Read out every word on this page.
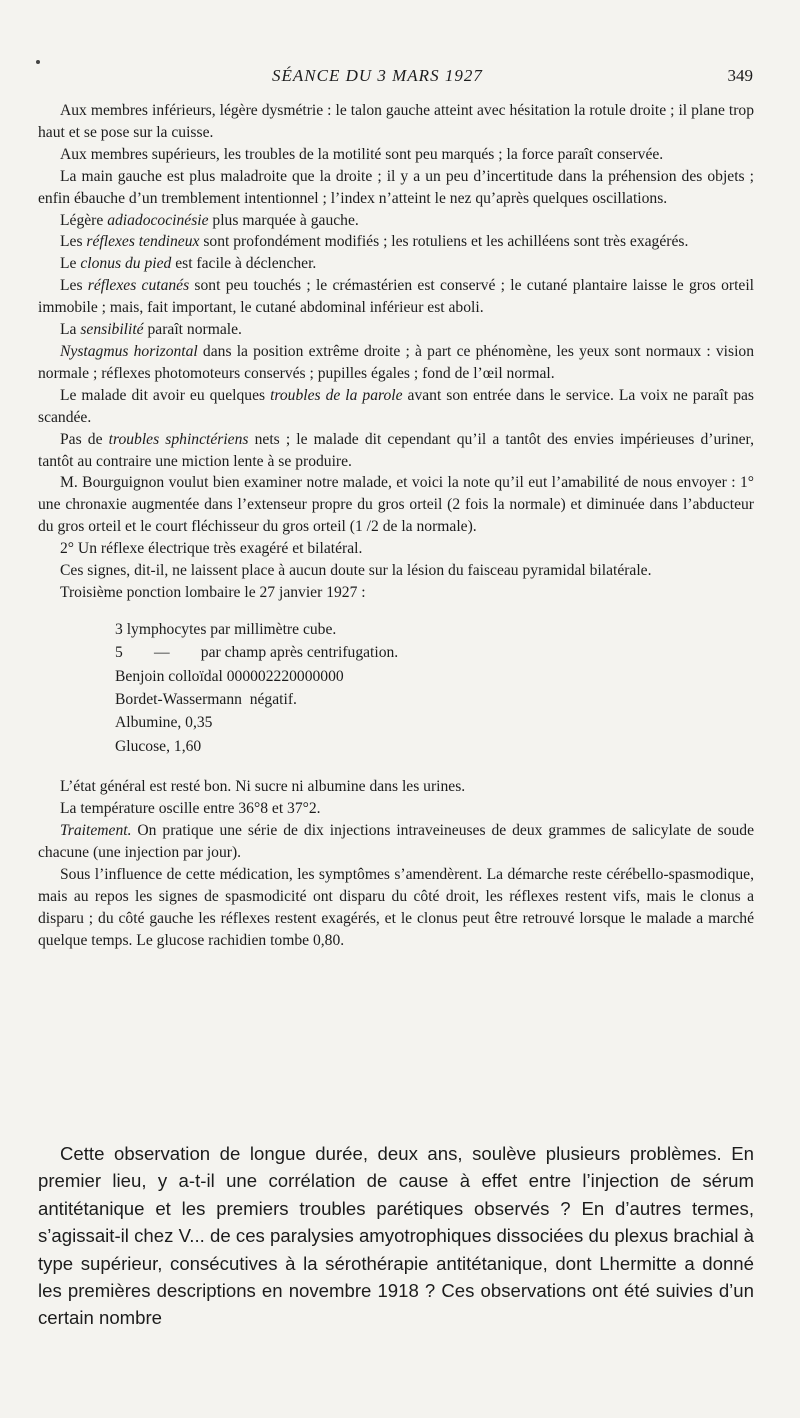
SÉANCE DU 3 MARS 1927	349

Aux membres inférieurs, légère dysmétrie : le talon gauche atteint avec hésitation la rotule droite ; il plane trop haut et se pose sur la cuisse.

Aux membres supérieurs, les troubles de la motilité sont peu marqués ; la force paraît conservée.

La main gauche est plus maladroite que la droite ; il y a un peu d’incertitude dans la préhension des objets ; enfin ébauche d’un tremblement intentionnel ; l’index n’atteint le nez qu’après quelques oscillations.

Légère adiadococinésie plus marquée à gauche.

Les réflexes tendineux sont profondément modifiés ; les rotuliens et les achilléens sont très exagérés.

Le clonus du pied est facile à déclencher.

Les réflexes cutanés sont peu touchés ; le crémastérien est conservé ; le cutané plantaire laisse le gros orteil immobile ; mais, fait important, le cutané abdominal inférieur est aboli.

La sensibilité paraît normale.

Nystagmus horizontal dans la position extrême droite ; à part ce phénomène, les yeux sont normaux : vision normale ; réflexes photomoteurs conservés ; pupilles égales ; fond de l’œil normal.

Le malade dit avoir eu quelques troubles de la parole avant son entrée dans le service. La voix ne paraît pas scandée.

Pas de troubles sphinctériens nets ; le malade dit cependant qu’il a tantôt des envies impérieuses d’uriner, tantôt au contraire une miction lente à se produire.

M. Bourguignon voulut bien examiner notre malade, et voici la note qu’il eut l’amabilité de nous envoyer : 1° une chronaxie augmentée dans l’extenseur propre du gros orteil (2 fois la normale) et diminuée dans l’abducteur du gros orteil et le court fléchisseur du gros orteil (1 /2 de la normale).

2° Un réflexe électrique très exagéré et bilatéral.

Ces signes, dit-il, ne laissent place à aucun doute sur la lésion du faisceau pyramidal bilatérale.

Troisième ponction lombaire le 27 janvier 1927 :

3 lymphocytes par millimètre cube.
5        —        par champ après centrifugation.
Benjoin colloïdal 000002220000000
Bordet-Wassermann  négatif.
Albumine, 0,35
Glucose, 1,60

L’état général est resté bon. Ni sucre ni albumine dans les urines.

La température oscille entre 36°8 et 37°2.

Traitement. On pratique une série de dix injections intraveineuses de deux grammes de salicylate de soude chacune (une injection par jour).

Sous l’influence de cette médication, les symptômes s’amendèrent. La démarche reste cérébello-spasmodique, mais au repos les signes de spasmodicité ont disparu du côté droit, les réflexes restent vifs, mais le clonus a disparu ; du côté gauche les réflexes restent exagérés, et le clonus peut être retrouvé lorsque le malade a marché quelque temps. Le glucose rachidien tombe 0,80.

Cette observation de longue durée, deux ans, soulève plusieurs problèmes. En premier lieu, y a-t-il une corrélation de cause à effet entre l’injection de sérum antitétanique et les premiers troubles parétiques observés ? En d’autres termes, s’agissait-il chez V... de ces paralysies amyotrophiques dissociées du plexus brachial à type supérieur, consécutives à la sérothérapie antitétanique, dont Lhermitte a donné les premières descriptions en novembre 1918 ? Ces observations ont été suivies d’un certain nombre
